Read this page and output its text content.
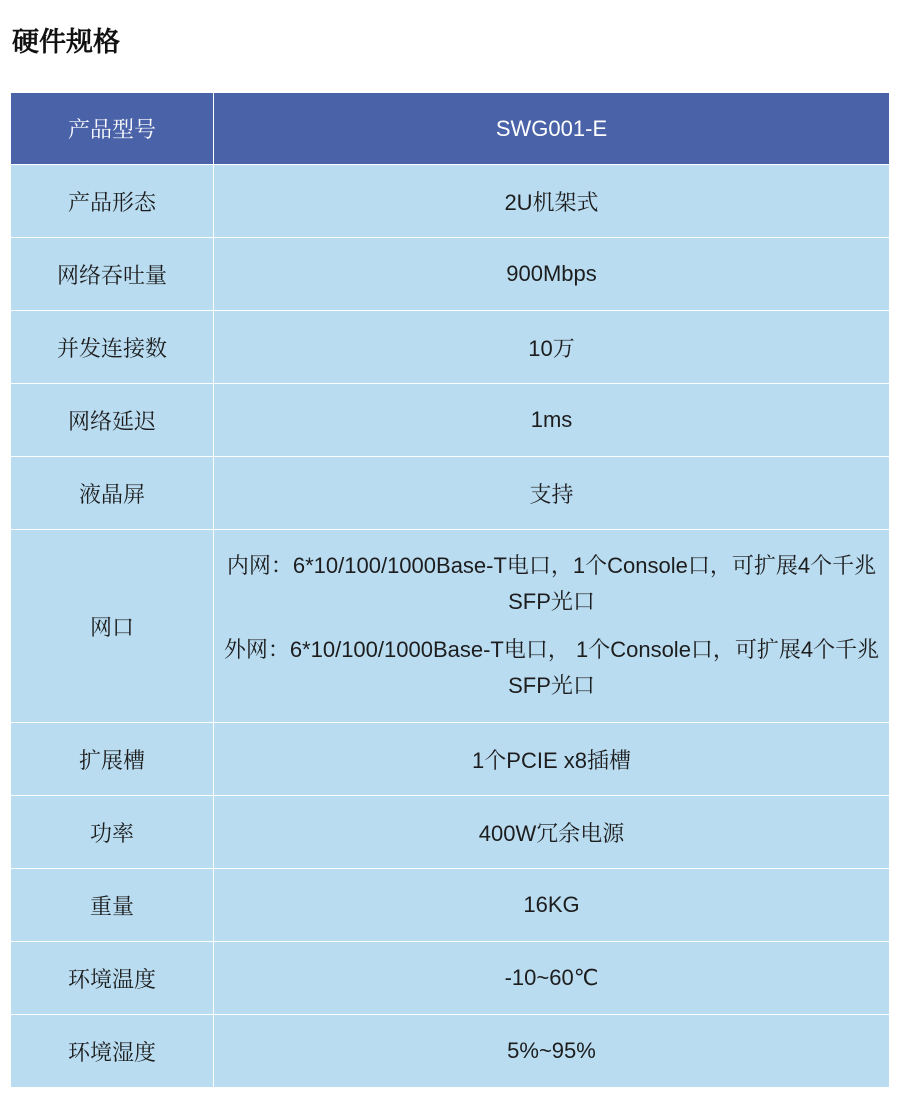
硬件规格
产品型号	SWG001-E
产品形态	2U机架式
网络吞吐量	900Mbps
并发连接数	10万
网络延迟	1ms
液晶屏	支持
网口	内网：6*10/100/1000Base-T电口，1个Console口，可扩展4个千兆SFP光口

外网：6*10/100/1000Base-T电口， 1个Console口，可扩展4个千兆SFP光口

扩展槽	1个PCIE x8插槽
功率	400W冗余电源
重量	16KG
环境温度	-10~60℃
环境湿度	5%~95%
